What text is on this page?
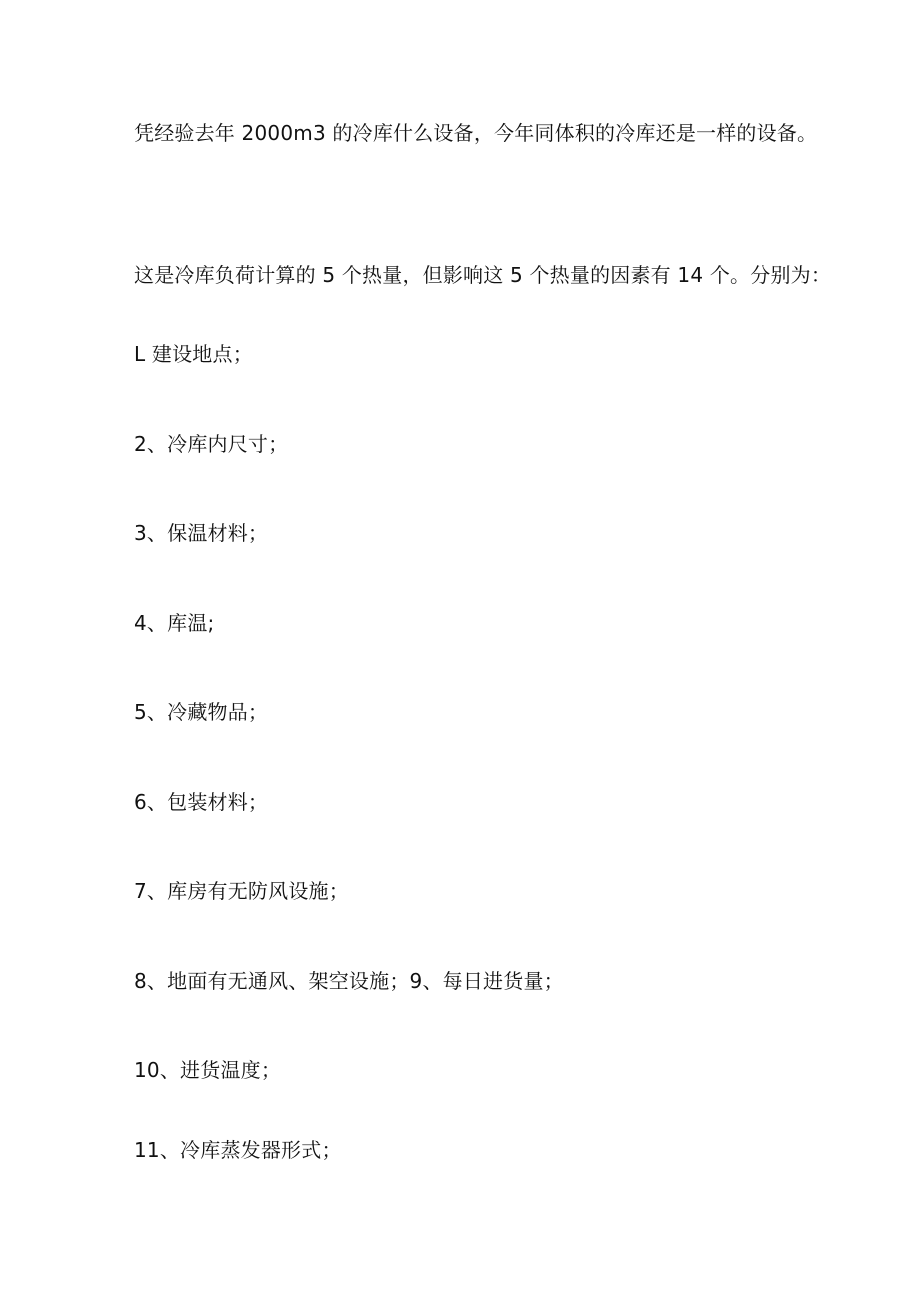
凭经验去年 2000m3 的冷库什么设备，今年同体积的冷库还是一样的设备。
这是冷库负荷计算的 5 个热量，但影响这 5 个热量的因素有 14 个。分别为：
L 建设地点；
2、冷库内尺寸；
3、保温材料；
4、库温;
5、冷藏物品；
6、包装材料；
7、库房有无防风设施；
8、地面有无通风、架空设施；9、每日进货量；
10、进货温度；
11、冷库蒸发器形式；
